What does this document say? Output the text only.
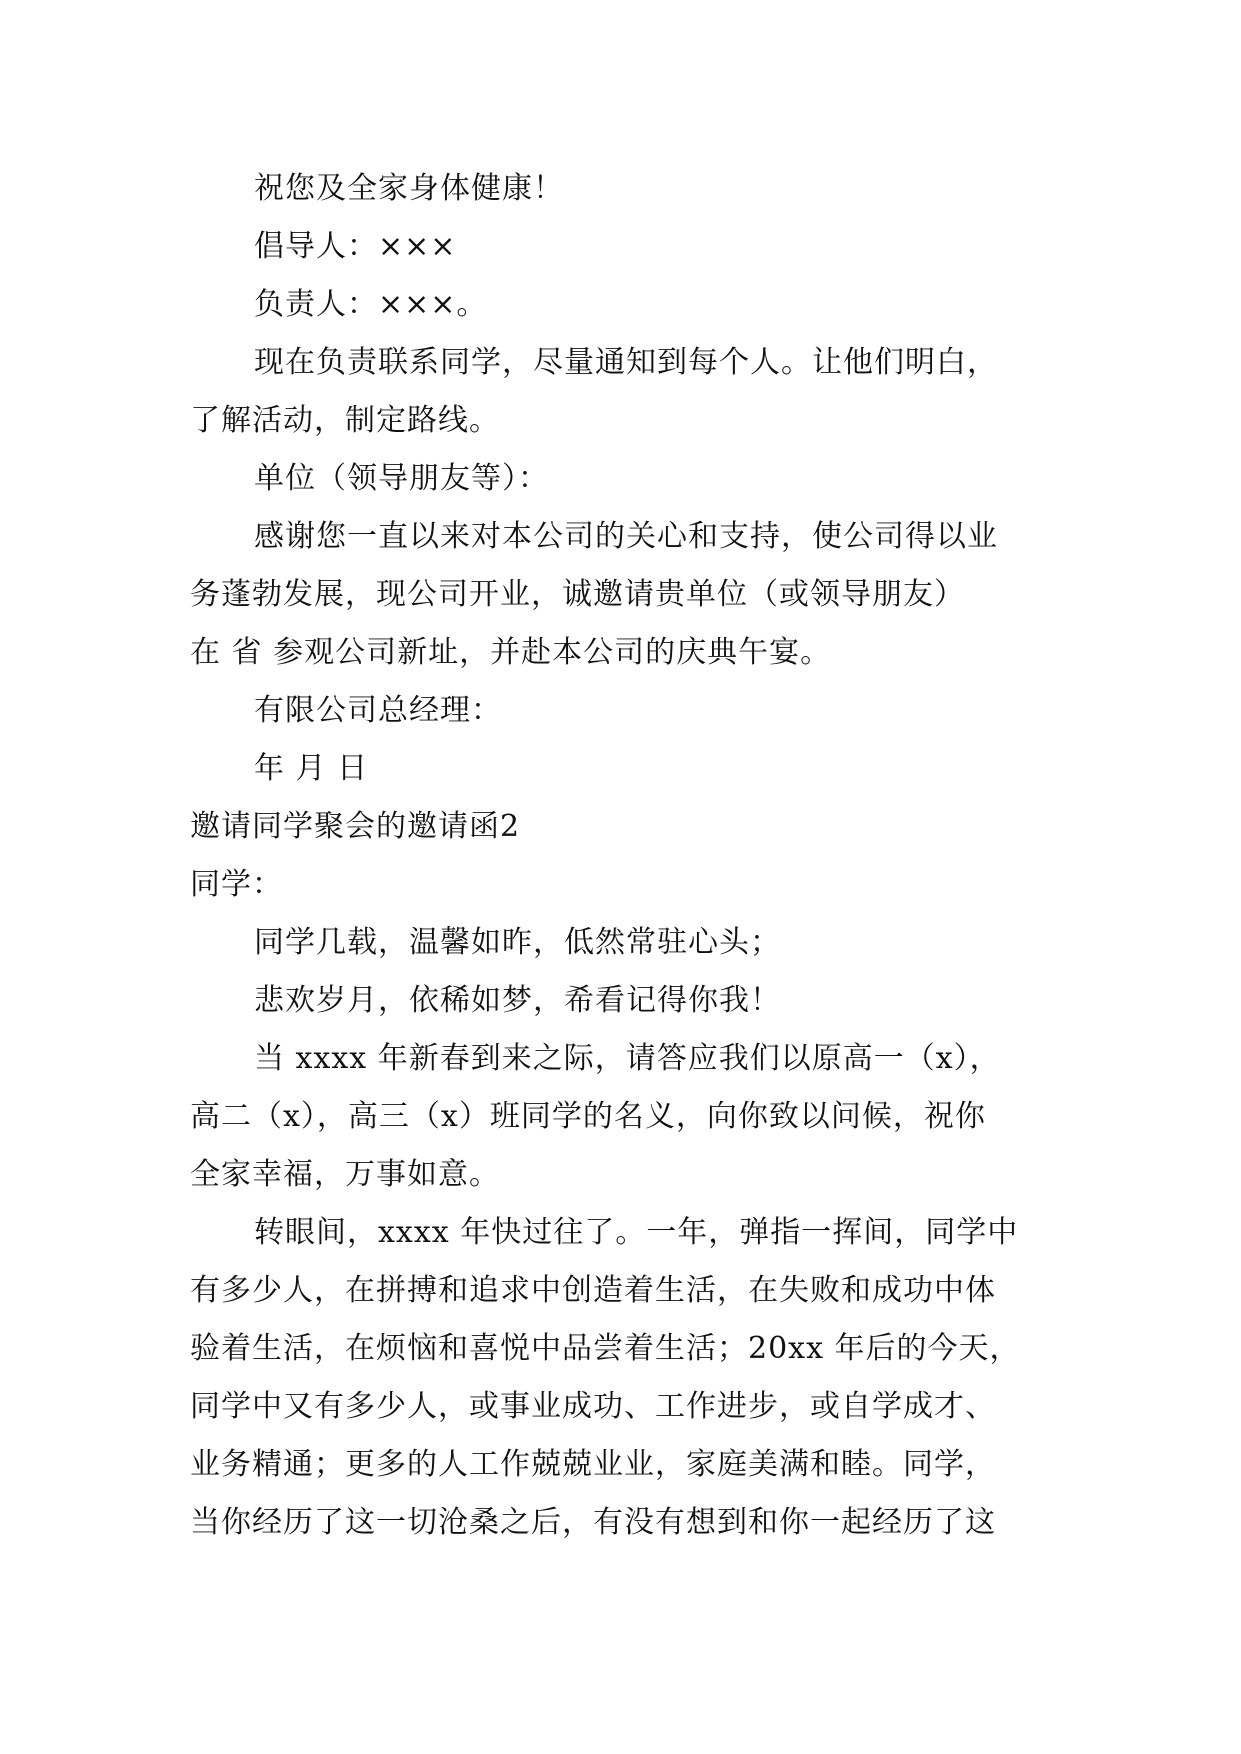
祝您及全家身体健康！
倡导人：×××
负责人：×××。
现在负责联系同学，尽量通知到每个人。让他们明白，
了解活动，制定路线。
单位（领导朋友等）：
感谢您一直以来对本公司的关心和支持，使公司得以业
务蓬勃发展，现公司开业，诚邀请贵单位（或领导朋友）
在 省 参观公司新址，并赴本公司的庆典午宴。
有限公司总经理：
年 月 日
邀请同学聚会的邀请函2
同学：
同学几载，温馨如昨，低然常驻心头；
悲欢岁月，依稀如梦，希看记得你我！
当 xxxx 年新春到来之际，请答应我们以原高一（x），
高二（x），高三（x）班同学的名义，向你致以问候，祝你
全家幸福，万事如意。
转眼间，xxxx 年快过往了。一年，弹指一挥间，同学中
有多少人，在拼搏和追求中创造着生活，在失败和成功中体
验着生活，在烦恼和喜悦中品尝着生活；20xx 年后的今天，
同学中又有多少人，或事业成功、工作进步，或自学成才、
业务精通；更多的人工作兢兢业业，家庭美满和睦。同学，
当你经历了这一切沧桑之后，有没有想到和你一起经历了这
